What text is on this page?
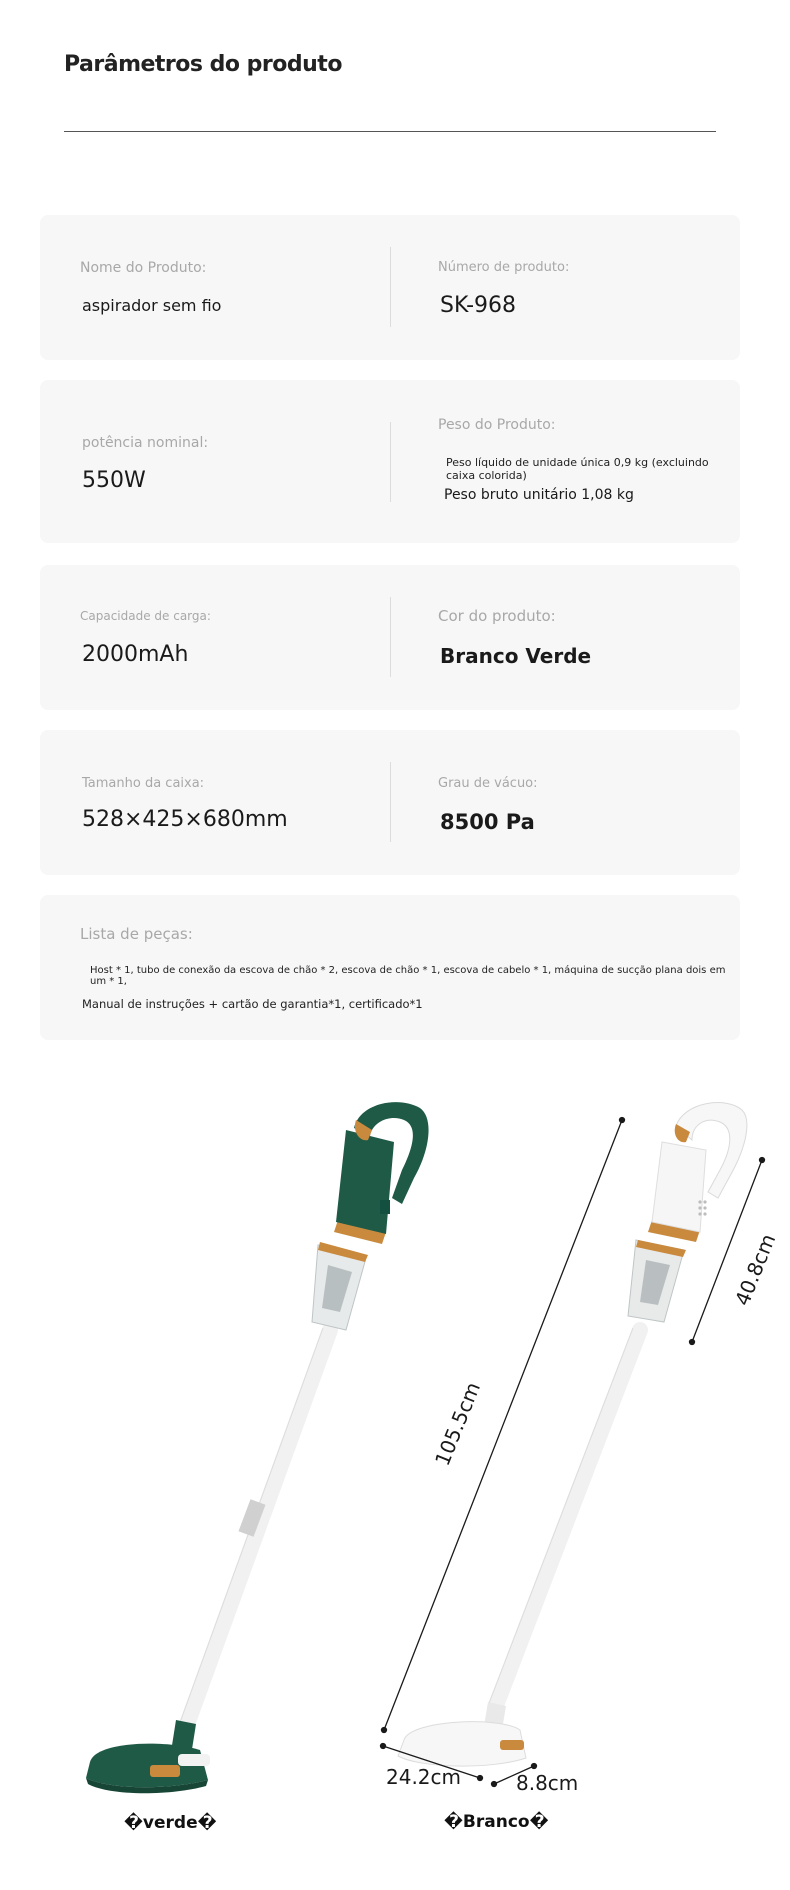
Parâmetros do produto
Nome do Produto:
aspirador sem fio
Número de produto:
SK-968
potência nominal:
550W
Peso do Produto:
Peso líquido de unidade única 0,9 kg (excluindo caixa colorida)
Peso bruto unitário 1,08 kg
Capacidade de carga:
2000mAh
Cor do produto:
Branco Verde
Tamanho da caixa:
528×425×680mm
Grau de vácuo:
8500 Pa
Lista de peças:
Host * 1, tubo de conexão da escova de chão * 2, escova de chão * 1, escova de cabelo * 1, máquina de sucção plana dois em um * 1,
Manual de instruções + cartão de garantia*1, certificado*1
105.5cm
40.8cm
24.2cm	8.8cm
�verde�	�Branco�
